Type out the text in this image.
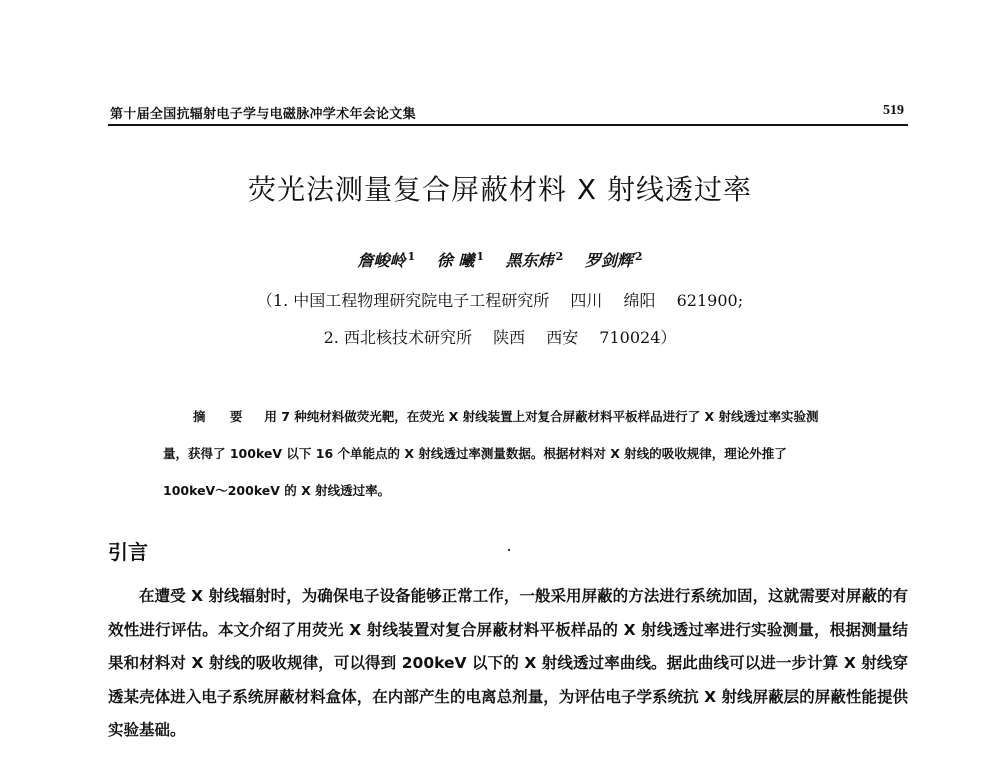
第十届全国抗辐射电子学与电磁脉冲学术年会论文集	519
荧光法测量复合屏蔽材料 X 射线透过率
詹峻岭 $^1$ 徐 曦 $^1$ 黑东炜 $^2$ 罗剑辉 $^2$
（1. 中国工程物理研究院电子工程研究所 四川 绵阳 621900;
2. 西北核技术研究所 陕西 西安 710024）
摘 要 用 7 种纯材料做荧光靶，在荧光 X 射线装置上对复合屏蔽材料平板样品进行了 X 射线透过率实验测量，获得了 100keV 以下 16 个单能点的 X 射线透过率测量数据。根据材料对 X 射线的吸收规律，理论外推了 100keV～200keV 的 X 射线透过率。
引言
在遭受 X 射线辐射时，为确保电子设备能够正常工作，一般采用屏蔽的方法进行系统加固，这就需要对屏蔽的有效性进行评估。本文介绍了用荧光 X 射线装置对复合屏蔽材料平板样品的 X 射线透过率进行实验测量，根据测量结果和材料对 X 射线的吸收规律，可以得到 200keV 以下的 X 射线透过率曲线。据此曲线可以进一步计算 X 射线穿透某壳体进入电子系统屏蔽材料盒体，在内部产生的电离总剂量，为评估电子学系统抗 X 射线屏蔽层的屏蔽性能提供实验基础。
